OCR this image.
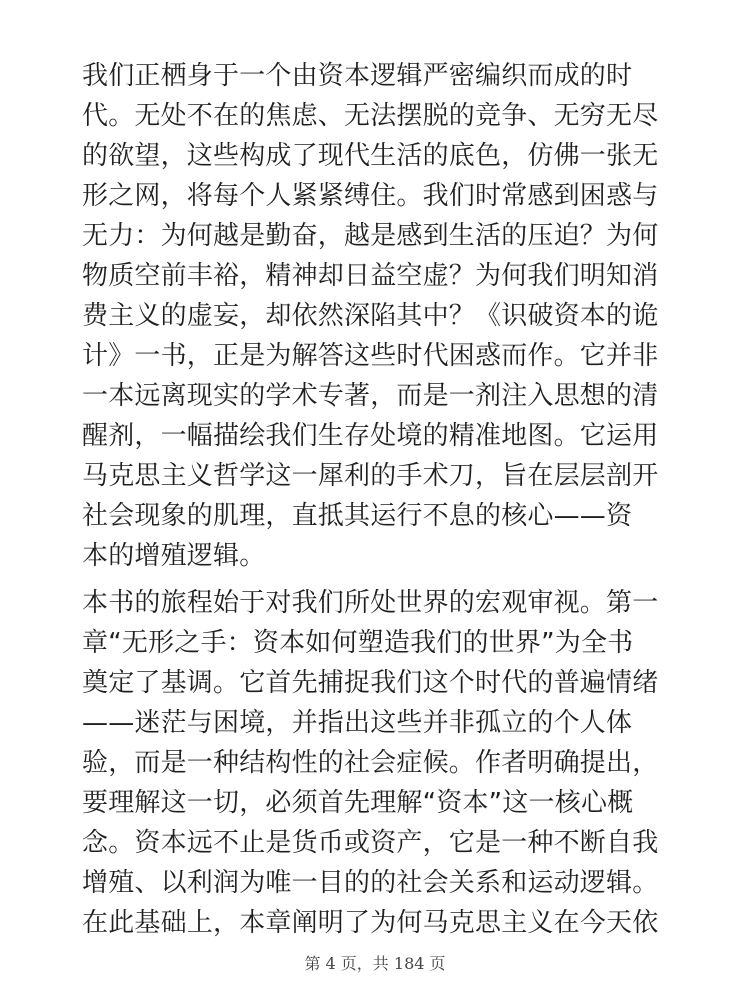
我们正栖身于一个由资本逻辑严密编织而成的时
代。无处不在的焦虑、无法摆脱的竞争、无穷无尽
的欲望，这些构成了现代生活的底色，仿佛一张无
形之网，将每个人紧紧缚住。我们时常感到困惑与
无力：为何越是勤奋，越是感到生活的压迫？为何
物质空前丰裕，精神却日益空虚？为何我们明知消
费主义的虚妄，却依然深陷其中？《识破资本的诡
计》一书，正是为解答这些时代困惑而作。它并非
一本远离现实的学术专著，而是一剂注入思想的清
醒剂，一幅描绘我们生存处境的精准地图。它运用
马克思主义哲学这一犀利的手术刀，旨在层层剖开
社会现象的肌理，直抵其运行不息的核心——资
本的增殖逻辑。

本书的旅程始于对我们所处世界的宏观审视。第一
章“无形之手：资本如何塑造我们的世界”为全书
奠定了基调。它首先捕捉我们这个时代的普遍情绪
——迷茫与困境，并指出这些并非孤立的个人体
验，而是一种结构性的社会症候。作者明确提出，
要理解这一切，必须首先理解“资本”这一核心概
念。资本远不止是货币或资产，它是一种不断自我
增殖、以利润为唯一目的的社会关系和运动逻辑。
在此基础上，本章阐明了为何马克思主义在今天依

第 4 页，共 184 页
